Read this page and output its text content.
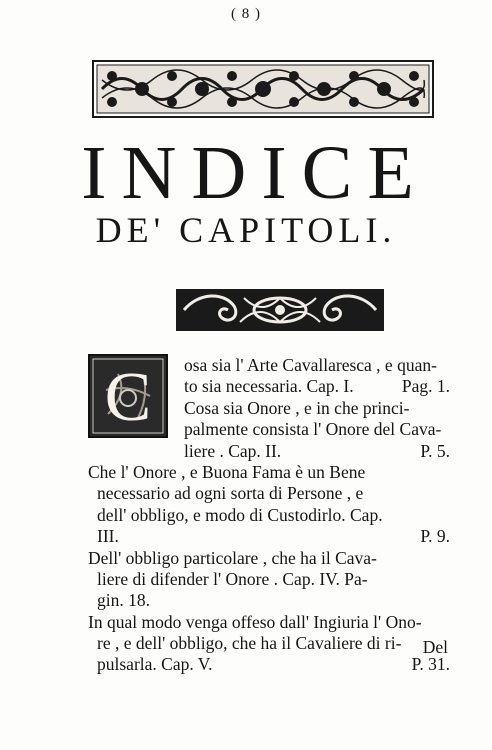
( 8 )
INDICE
DE' CAPITOLI.
C osa sia l' Arte Cavallaresca , e quan-
to sia necessaria. Cap. I.	Pag. 1.
Cosa sia Onore , e in che princi-
palmente consista l' Onore del Cava-
liere . Cap. II.	P. 5.
Che l' Onore , e Buona Fama è un Bene
necessario ad ogni sorta di Persone , e
dell' obbligo, e modo di Custodirlo. Cap.
III.	P. 9.
Dell' obbligo particolare , che ha il Cava-
liere di difender l' Onore . Cap. IV. Pa-
gin. 18.
In qual modo venga offeso dall' Ingiuria l' Ono-
re , e dell' obbligo, che ha il Cavaliere di ri-
pulsarla. Cap. V.	P. 31.
Del
